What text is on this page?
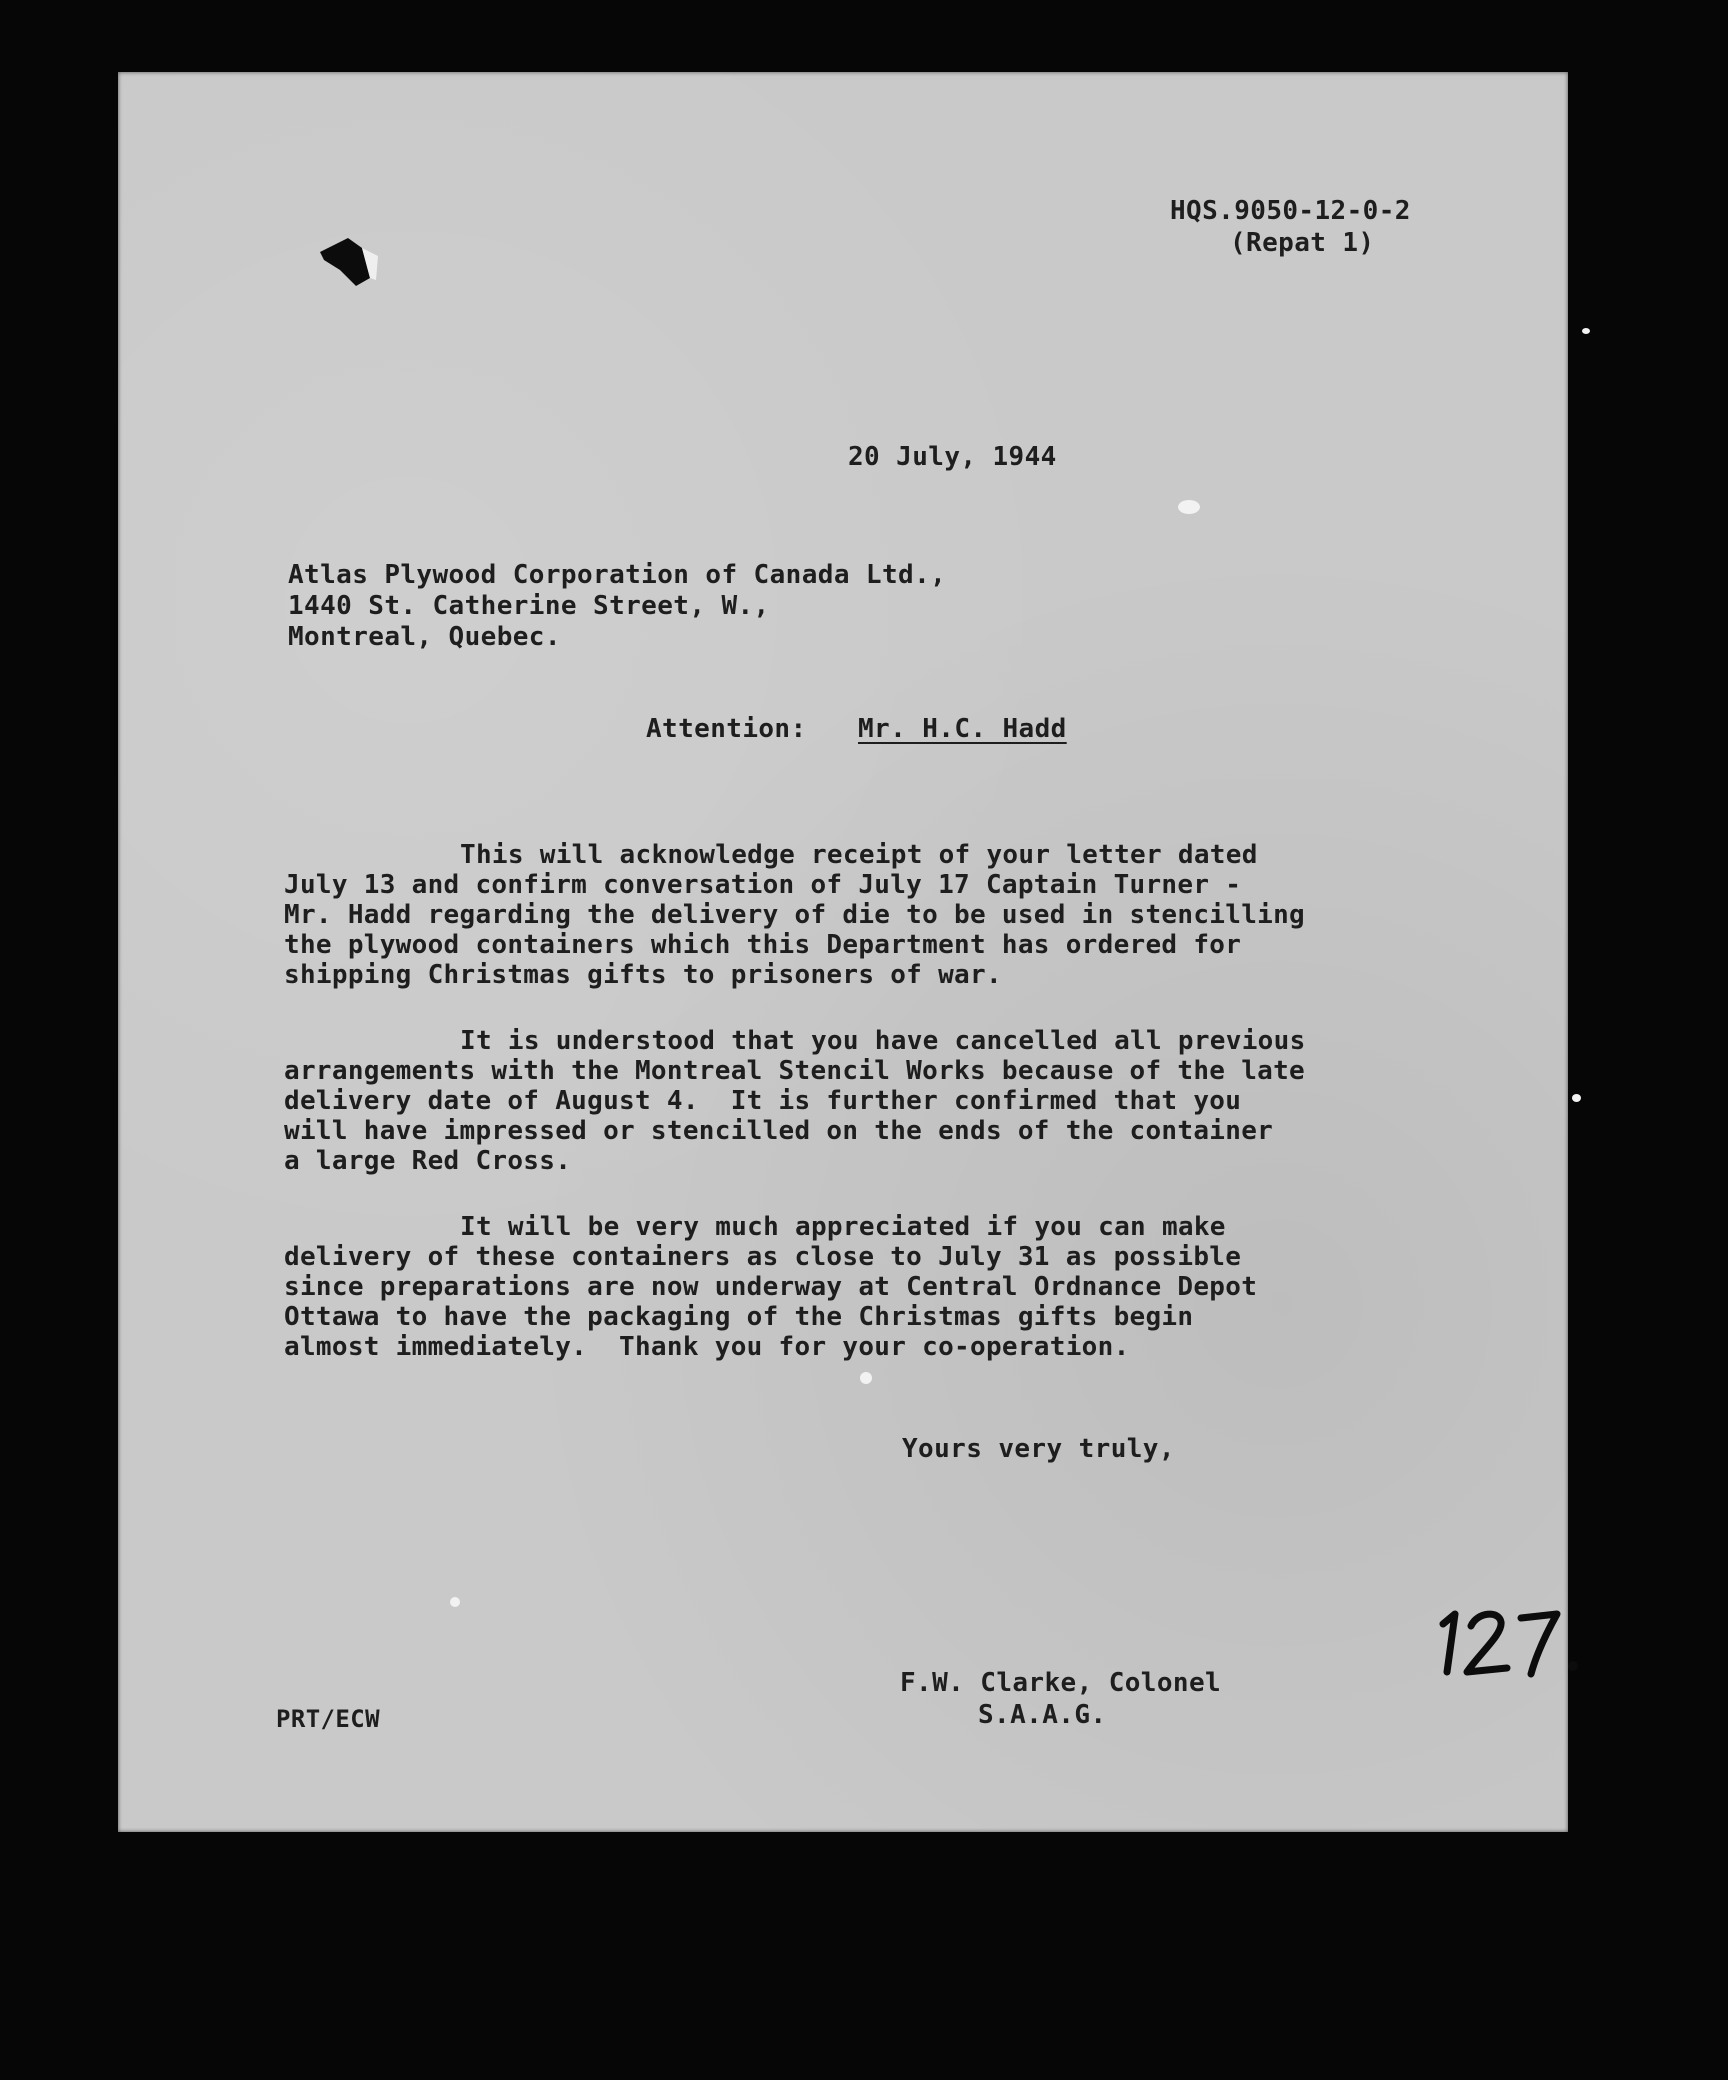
HQS.9050-12-0-2

(Repat 1)

20 July, 1944

Atlas Plywood Corporation of Canada Ltd.,

1440 St. Catherine Street, W.,

Montreal, Quebec.

Attention: Mr. H.C. Hadd

This will acknowledge receipt of your letter dated
July 13 and confirm conversation of July 17 Captain Turner -
Mr. Hadd regarding the delivery of die to be used in stencilling
the plywood containers which this Department has ordered for
shipping Christmas gifts to prisoners of war.
It is understood that you have cancelled all previous
arrangements with the Montreal Stencil Works because of the late
delivery date of August 4.  It is further confirmed that you
will have impressed or stencilled on the ends of the container
a large Red Cross.
It will be very much appreciated if you can make
delivery of these containers as close to July 31 as possible
since preparations are now underway at Central Ordnance Depot
Ottawa to have the packaging of the Christmas gifts begin
almost immediately.  Thank you for your co-operation.

Yours very truly,

F.W. Clarke, Colonel

S.A.A.G.

PRT/ECW
